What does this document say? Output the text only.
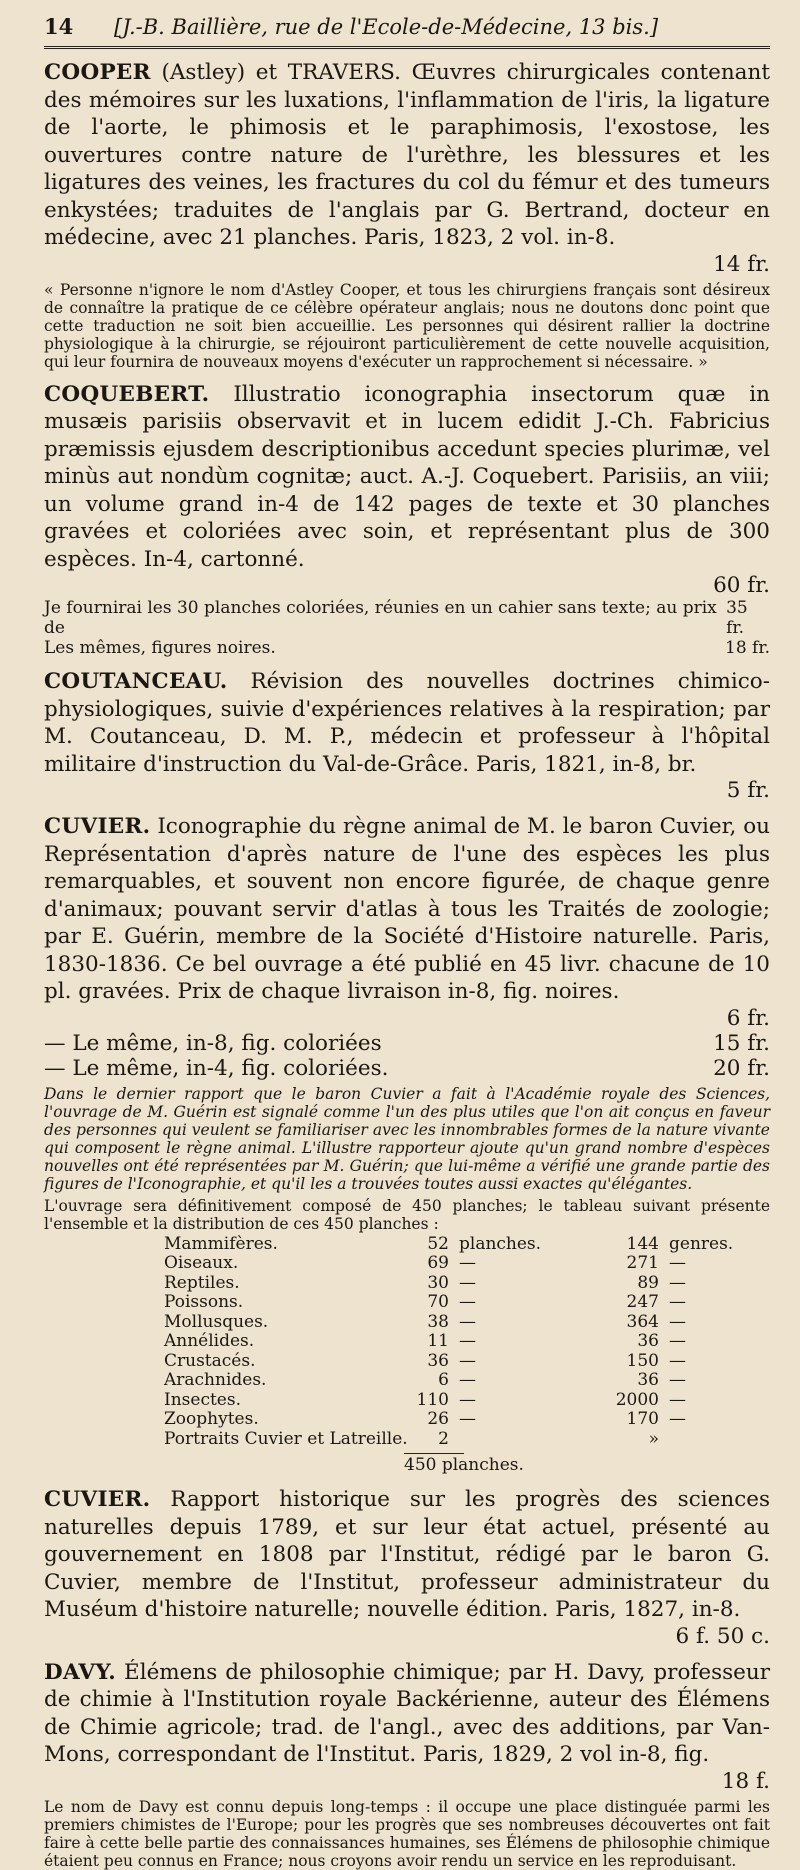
14	[J.-B. Baillière, rue de l'Ecole-de-Médecine, 13 bis.]
COOPER (Astley) et TRAVERS. Œuvres chirurgicales contenant des mémoires sur les luxations, l'inflammation de l'iris, la ligature de l'aorte, le phimosis et le paraphimosis, l'exostose, les ouvertures contre nature de l'urèthre, les blessures et les ligatures des veines, les fractures du col du fémur et des tumeurs enkystées; traduites de l'anglais par G. Bertrand, docteur en médecine, avec 21 planches. Paris, 1823, 2 vol. in-8.
14 fr.
« Personne n'ignore le nom d'Astley Cooper, et tous les chirurgiens français sont désireux de connaître la pratique de ce célèbre opérateur anglais; nous ne doutons donc point que cette traduction ne soit bien accueillie. Les personnes qui désirent rallier la doctrine physiologique à la chirurgie, se réjouiront particulièrement de cette nouvelle acquisition, qui leur fournira de nouveaux moyens d'exécuter un rapprochement si nécessaire. »
COQUEBERT. Illustratio iconographia insectorum quæ in musæis parisiis observavit et in lucem edidit J.-Ch. Fabricius præmissis ejusdem descriptionibus accedunt species plurimæ, vel minùs aut nondùm cognitæ; auct. A.-J. Coquebert. Parisiis, an viii; un volume grand in-4 de 142 pages de texte et 30 planches gravées et coloriées avec soin, et représentant plus de 300 espèces. In-4, cartonné.
60 fr.
Je fournirai les 30 planches coloriées, réunies en un cahier sans texte; au prix de
35 fr.
Les mêmes, figures noires.	18 fr.
COUTANCEAU. Révision des nouvelles doctrines chimico-physiologiques, suivie d'expériences relatives à la respiration; par M. Coutanceau, D. M. P., médecin et professeur à l'hôpital militaire d'instruction du Val-de-Grâce. Paris, 1821, in-8, br.
5 fr.
CUVIER. Iconographie du règne animal de M. le baron Cuvier, ou Représentation d'après nature de l'une des espèces les plus remarquables, et souvent non encore figurée, de chaque genre d'animaux; pouvant servir d'atlas à tous les Traités de zoologie; par E. Guérin, membre de la Société d'Histoire naturelle. Paris, 1830-1836. Ce bel ouvrage a été publié en 45 livr. chacune de 10 pl. gravées. Prix de chaque livraison in-8, fig. noires.
6 fr.
— Le même, in-8, fig. coloriées	15 fr.
— Le même, in-4, fig. coloriées.	20 fr.
Dans le dernier rapport que le baron Cuvier a fait à l'Académie royale des Sciences, l'ouvrage de M. Guérin est signalé comme l'un des plus utiles que l'on ait conçus en faveur des personnes qui veulent se familiariser avec les innombrables formes de la nature vivante qui composent le règne animal. L'illustre rapporteur ajoute qu'un grand nombre d'espèces nouvelles ont été représentées par M. Guérin; que lui-même a vérifié une grande partie des figures de l'Iconographie, et qu'il les a trouvées toutes aussi exactes qu'élégantes.
L'ouvrage sera définitivement composé de 450 planches; le tableau suivant présente l'ensemble et la distribution de ces 450 planches :
Mammifères.	52 planches.	144 genres.
Oiseaux.	69 —	271 —
Reptiles.	30 —	89 —
Poissons.	70 —	247 —
Mollusques.	38 —	364 —
Annélides.	11 —	36 —
Crustacés.	36 —	150 —
Arachnides.	6 —	36 —
Insectes.	110 —	2000 —
Zoophytes.	26 —	170 —
Portraits Cuvier et Latreille.	2	»
450 planches.
CUVIER. Rapport historique sur les progrès des sciences naturelles depuis 1789, et sur leur état actuel, présenté au gouvernement en 1808 par l'Institut, rédigé par le baron G. Cuvier, membre de l'Institut, professeur administrateur du Muséum d'histoire naturelle; nouvelle édition. Paris, 1827, in-8.
6 f. 50 c.
DAVY. Élémens de philosophie chimique; par H. Davy, professeur de chimie à l'Institution royale Backérienne, auteur des Élémens de Chimie agricole; trad. de l'angl., avec des additions, par Van-Mons, correspondant de l'Institut. Paris, 1829, 2 vol in-8, fig.
18 f.
Le nom de Davy est connu depuis long-temps : il occupe une place distinguée parmi les premiers chimistes de l'Europe; pour les progrès que ses nombreuses découvertes ont fait faire à cette belle partie des connaissances humaines, ses Élémens de philosophie chimique étaient peu connus en France; nous croyons avoir rendu un service en les reproduisant.
